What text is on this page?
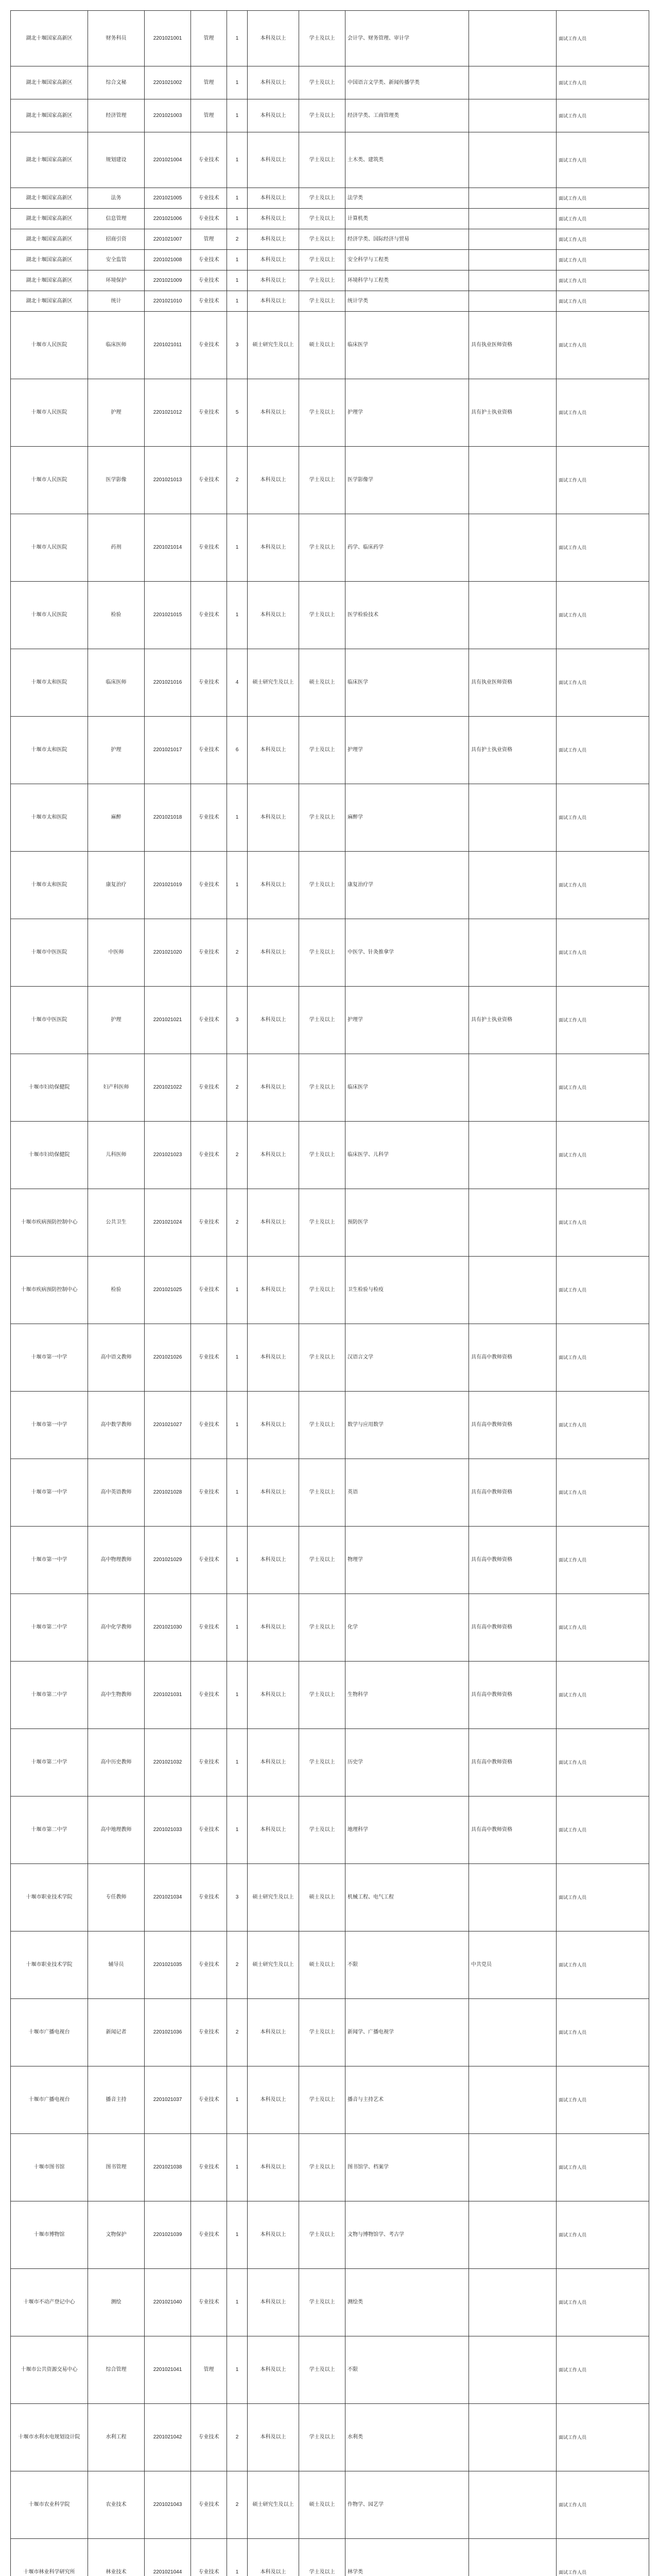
湖北十堰国家高新区	财务科员	2201021001	管理	1	本科及以上	学士及以上	会计学、财务管理、审计学		面试工作人员
湖北十堰国家高新区	综合文秘	2201021002	管理	1	本科及以上	学士及以上	中国语言文学类、新闻传播学类		面试工作人员
湖北十堰国家高新区	经济管理	2201021003	管理	1	本科及以上	学士及以上	经济学类、工商管理类		面试工作人员
湖北十堰国家高新区	规划建设	2201021004	专业技术	1	本科及以上	学士及以上	土木类、建筑类		面试工作人员
湖北十堰国家高新区	法务	2201021005	专业技术	1	本科及以上	学士及以上	法学类		面试工作人员
湖北十堰国家高新区	信息管理	2201021006	专业技术	1	本科及以上	学士及以上	计算机类		面试工作人员
湖北十堰国家高新区	招商引资	2201021007	管理	2	本科及以上	学士及以上	经济学类、国际经济与贸易		面试工作人员
湖北十堰国家高新区	安全监管	2201021008	专业技术	1	本科及以上	学士及以上	安全科学与工程类		面试工作人员
湖北十堰国家高新区	环境保护	2201021009	专业技术	1	本科及以上	学士及以上	环境科学与工程类		面试工作人员
湖北十堰国家高新区	统计	2201021010	专业技术	1	本科及以上	学士及以上	统计学类		面试工作人员
十堰市人民医院	临床医师	2201021011	专业技术	3	硕士研究生及以上	硕士及以上	临床医学	具有执业医师资格	面试工作人员
十堰市人民医院	护理	2201021012	专业技术	5	本科及以上	学士及以上	护理学	具有护士执业资格	面试工作人员
十堰市人民医院	医学影像	2201021013	专业技术	2	本科及以上	学士及以上	医学影像学		面试工作人员
十堰市人民医院	药剂	2201021014	专业技术	1	本科及以上	学士及以上	药学、临床药学		面试工作人员
十堰市人民医院	检验	2201021015	专业技术	1	本科及以上	学士及以上	医学检验技术		面试工作人员
十堰市太和医院	临床医师	2201021016	专业技术	4	硕士研究生及以上	硕士及以上	临床医学	具有执业医师资格	面试工作人员
十堰市太和医院	护理	2201021017	专业技术	6	本科及以上	学士及以上	护理学	具有护士执业资格	面试工作人员
十堰市太和医院	麻醉	2201021018	专业技术	1	本科及以上	学士及以上	麻醉学		面试工作人员
十堰市太和医院	康复治疗	2201021019	专业技术	1	本科及以上	学士及以上	康复治疗学		面试工作人员
十堰市中医医院	中医师	2201021020	专业技术	2	本科及以上	学士及以上	中医学、针灸推拿学		面试工作人员
十堰市中医医院	护理	2201021021	专业技术	3	本科及以上	学士及以上	护理学	具有护士执业资格	面试工作人员
十堰市妇幼保健院	妇产科医师	2201021022	专业技术	2	本科及以上	学士及以上	临床医学		面试工作人员
十堰市妇幼保健院	儿科医师	2201021023	专业技术	2	本科及以上	学士及以上	临床医学、儿科学		面试工作人员
十堰市疾病预防控制中心	公共卫生	2201021024	专业技术	2	本科及以上	学士及以上	预防医学		面试工作人员
十堰市疾病预防控制中心	检验	2201021025	专业技术	1	本科及以上	学士及以上	卫生检验与检疫		面试工作人员
十堰市第一中学	高中语文教师	2201021026	专业技术	1	本科及以上	学士及以上	汉语言文学	具有高中教师资格	面试工作人员
十堰市第一中学	高中数学教师	2201021027	专业技术	1	本科及以上	学士及以上	数学与应用数学	具有高中教师资格	面试工作人员
十堰市第一中学	高中英语教师	2201021028	专业技术	1	本科及以上	学士及以上	英语	具有高中教师资格	面试工作人员
十堰市第一中学	高中物理教师	2201021029	专业技术	1	本科及以上	学士及以上	物理学	具有高中教师资格	面试工作人员
十堰市第二中学	高中化学教师	2201021030	专业技术	1	本科及以上	学士及以上	化学	具有高中教师资格	面试工作人员
十堰市第二中学	高中生物教师	2201021031	专业技术	1	本科及以上	学士及以上	生物科学	具有高中教师资格	面试工作人员
十堰市第二中学	高中历史教师	2201021032	专业技术	1	本科及以上	学士及以上	历史学	具有高中教师资格	面试工作人员
十堰市第二中学	高中地理教师	2201021033	专业技术	1	本科及以上	学士及以上	地理科学	具有高中教师资格	面试工作人员
十堰市职业技术学院	专任教师	2201021034	专业技术	3	硕士研究生及以上	硕士及以上	机械工程、电气工程		面试工作人员
十堰市职业技术学院	辅导员	2201021035	专业技术	2	硕士研究生及以上	硕士及以上	不限	中共党员	面试工作人员
十堰市广播电视台	新闻记者	2201021036	专业技术	2	本科及以上	学士及以上	新闻学、广播电视学		面试工作人员
十堰市广播电视台	播音主持	2201021037	专业技术	1	本科及以上	学士及以上	播音与主持艺术		面试工作人员
十堰市图书馆	图书管理	2201021038	专业技术	1	本科及以上	学士及以上	图书馆学、档案学		面试工作人员
十堰市博物馆	文物保护	2201021039	专业技术	1	本科及以上	学士及以上	文物与博物馆学、考古学		面试工作人员
十堰市不动产登记中心	测绘	2201021040	专业技术	1	本科及以上	学士及以上	测绘类		面试工作人员
十堰市公共资源交易中心	综合管理	2201021041	管理	1	本科及以上	学士及以上	不限		面试工作人员
十堰市水利水电规划设计院	水利工程	2201021042	专业技术	2	本科及以上	学士及以上	水利类		面试工作人员
十堰市农业科学院	农业技术	2201021043	专业技术	2	硕士研究生及以上	硕士及以上	作物学、园艺学		面试工作人员
十堰市林业科学研究所	林业技术	2201021044	专业技术	1	本科及以上	学士及以上	林学类		面试工作人员
